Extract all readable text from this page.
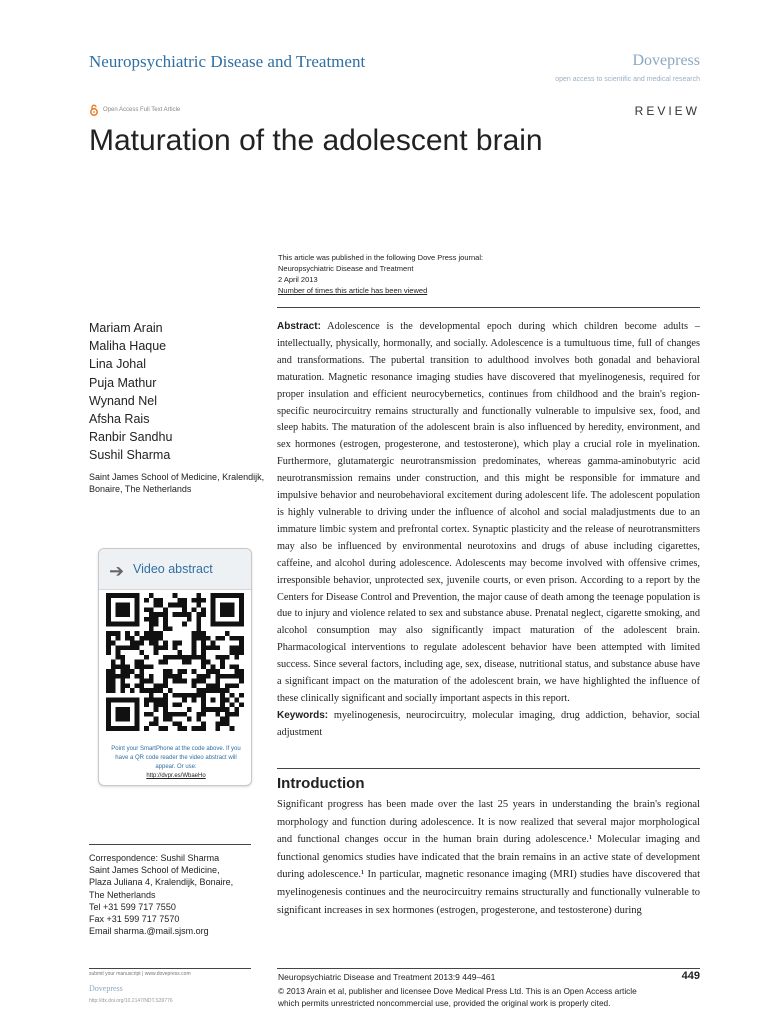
Neuropsychiatric Disease and Treatment	Dovepress
open access to scientific and medical research
Open Access Full Text Article	REVIEW
Maturation of the adolescent brain
This article was published in the following Dove Press journal:
Neuropsychiatric Disease and Treatment
2 April 2013
Number of times this article has been viewed
Mariam Arain
Maliha Haque
Lina Johal
Puja Mathur
Wynand Nel
Afsha Rais
Ranbir Sandhu
Sushil Sharma
Saint James School of Medicine, Kralendijk, Bonaire, The Netherlands
Abstract: Adolescence is the developmental epoch during which children become adults – intellectually, physically, hormonally, and socially. Adolescence is a tumultuous time, full of changes and transformations. The pubertal transition to adulthood involves both gonadal and behavioral maturation. Magnetic resonance imaging studies have discovered that myelinogenesis, required for proper insulation and efficient neurocybernetics, continues from childhood and the brain's region-specific neurocircuitry remains structurally and functionally vulnerable to impulsive sex, food, and sleep habits. The maturation of the adolescent brain is also influenced by heredity, environment, and sex hormones (estrogen, progesterone, and testosterone), which play a crucial role in myelination. Furthermore, glutamatergic neurotransmission predominates, whereas gamma-aminobutyric acid neurotransmission remains under construction, and this might be responsible for immature and impulsive behavior and neurobehavioral excitement during adolescent life. The adolescent population is highly vulnerable to driving under the influence of alcohol and social maladjustments due to an immature limbic system and prefrontal cortex. Synaptic plasticity and the release of neurotransmitters may also be influenced by environmental neurotoxins and drugs of abuse including cigarettes, caffeine, and alcohol during adolescence. Adolescents may become involved with offensive crimes, irresponsible behavior, unprotected sex, juvenile courts, or even prison. According to a report by the Centers for Disease Control and Prevention, the major cause of death among the teenage population is due to injury and violence related to sex and substance abuse. Prenatal neglect, cigarette smoking, and alcohol consumption may also significantly impact maturation of the adolescent brain. Pharmacological interventions to regulate adolescent behavior have been attempted with limited success. Since several factors, including age, sex, disease, nutritional status, and substance abuse have a significant impact on the maturation of the adolescent brain, we have highlighted the influence of these clinically significant and socially important aspects in this report.
Keywords: myelinogenesis, neurocircuitry, molecular imaging, drug addiction, behavior, social adjustment
➔ Video abstract
Point your SmartPhone at the code above. If you have a QR code reader the video abstract will appear. Or use:
http://dvpr.es/WbaeHo	Introduction
Significant progress has been made over the last 25 years in understanding the brain's regional morphology and function during adolescence. It is now realized that several major morphological and functional changes occur in the human brain during adolescence.¹ Molecular imaging and functional genomics studies have indicated that the brain remains in an active state of development during adolescence.¹ In particular, magnetic resonance imaging (MRI) studies have discovered that myelinogenesis continues and the neurocircuitry remains structurally and functionally vulnerable to significant increases in sex hormones (estrogen, progesterone, and testosterone) during
Correspondence: Sushil Sharma
Saint James School of Medicine,
Plaza Juliana 4, Kralendijk, Bonaire,
The Netherlands
Tel +31 599 717 7550
Fax +31 599 717 7570
Email sharma.@mail.sjsm.org
submit your manuscript | www.dovepress.com
Dovepress
http://dx.doi.org/10.2147/NDT.S39776
Neuropsychiatric Disease and Treatment 2013:9 449–461	449
© 2013 Arain et al, publisher and licensee Dove Medical Press Ltd. This is an Open Access article
which permits unrestricted noncommercial use, provided the original work is properly cited.
